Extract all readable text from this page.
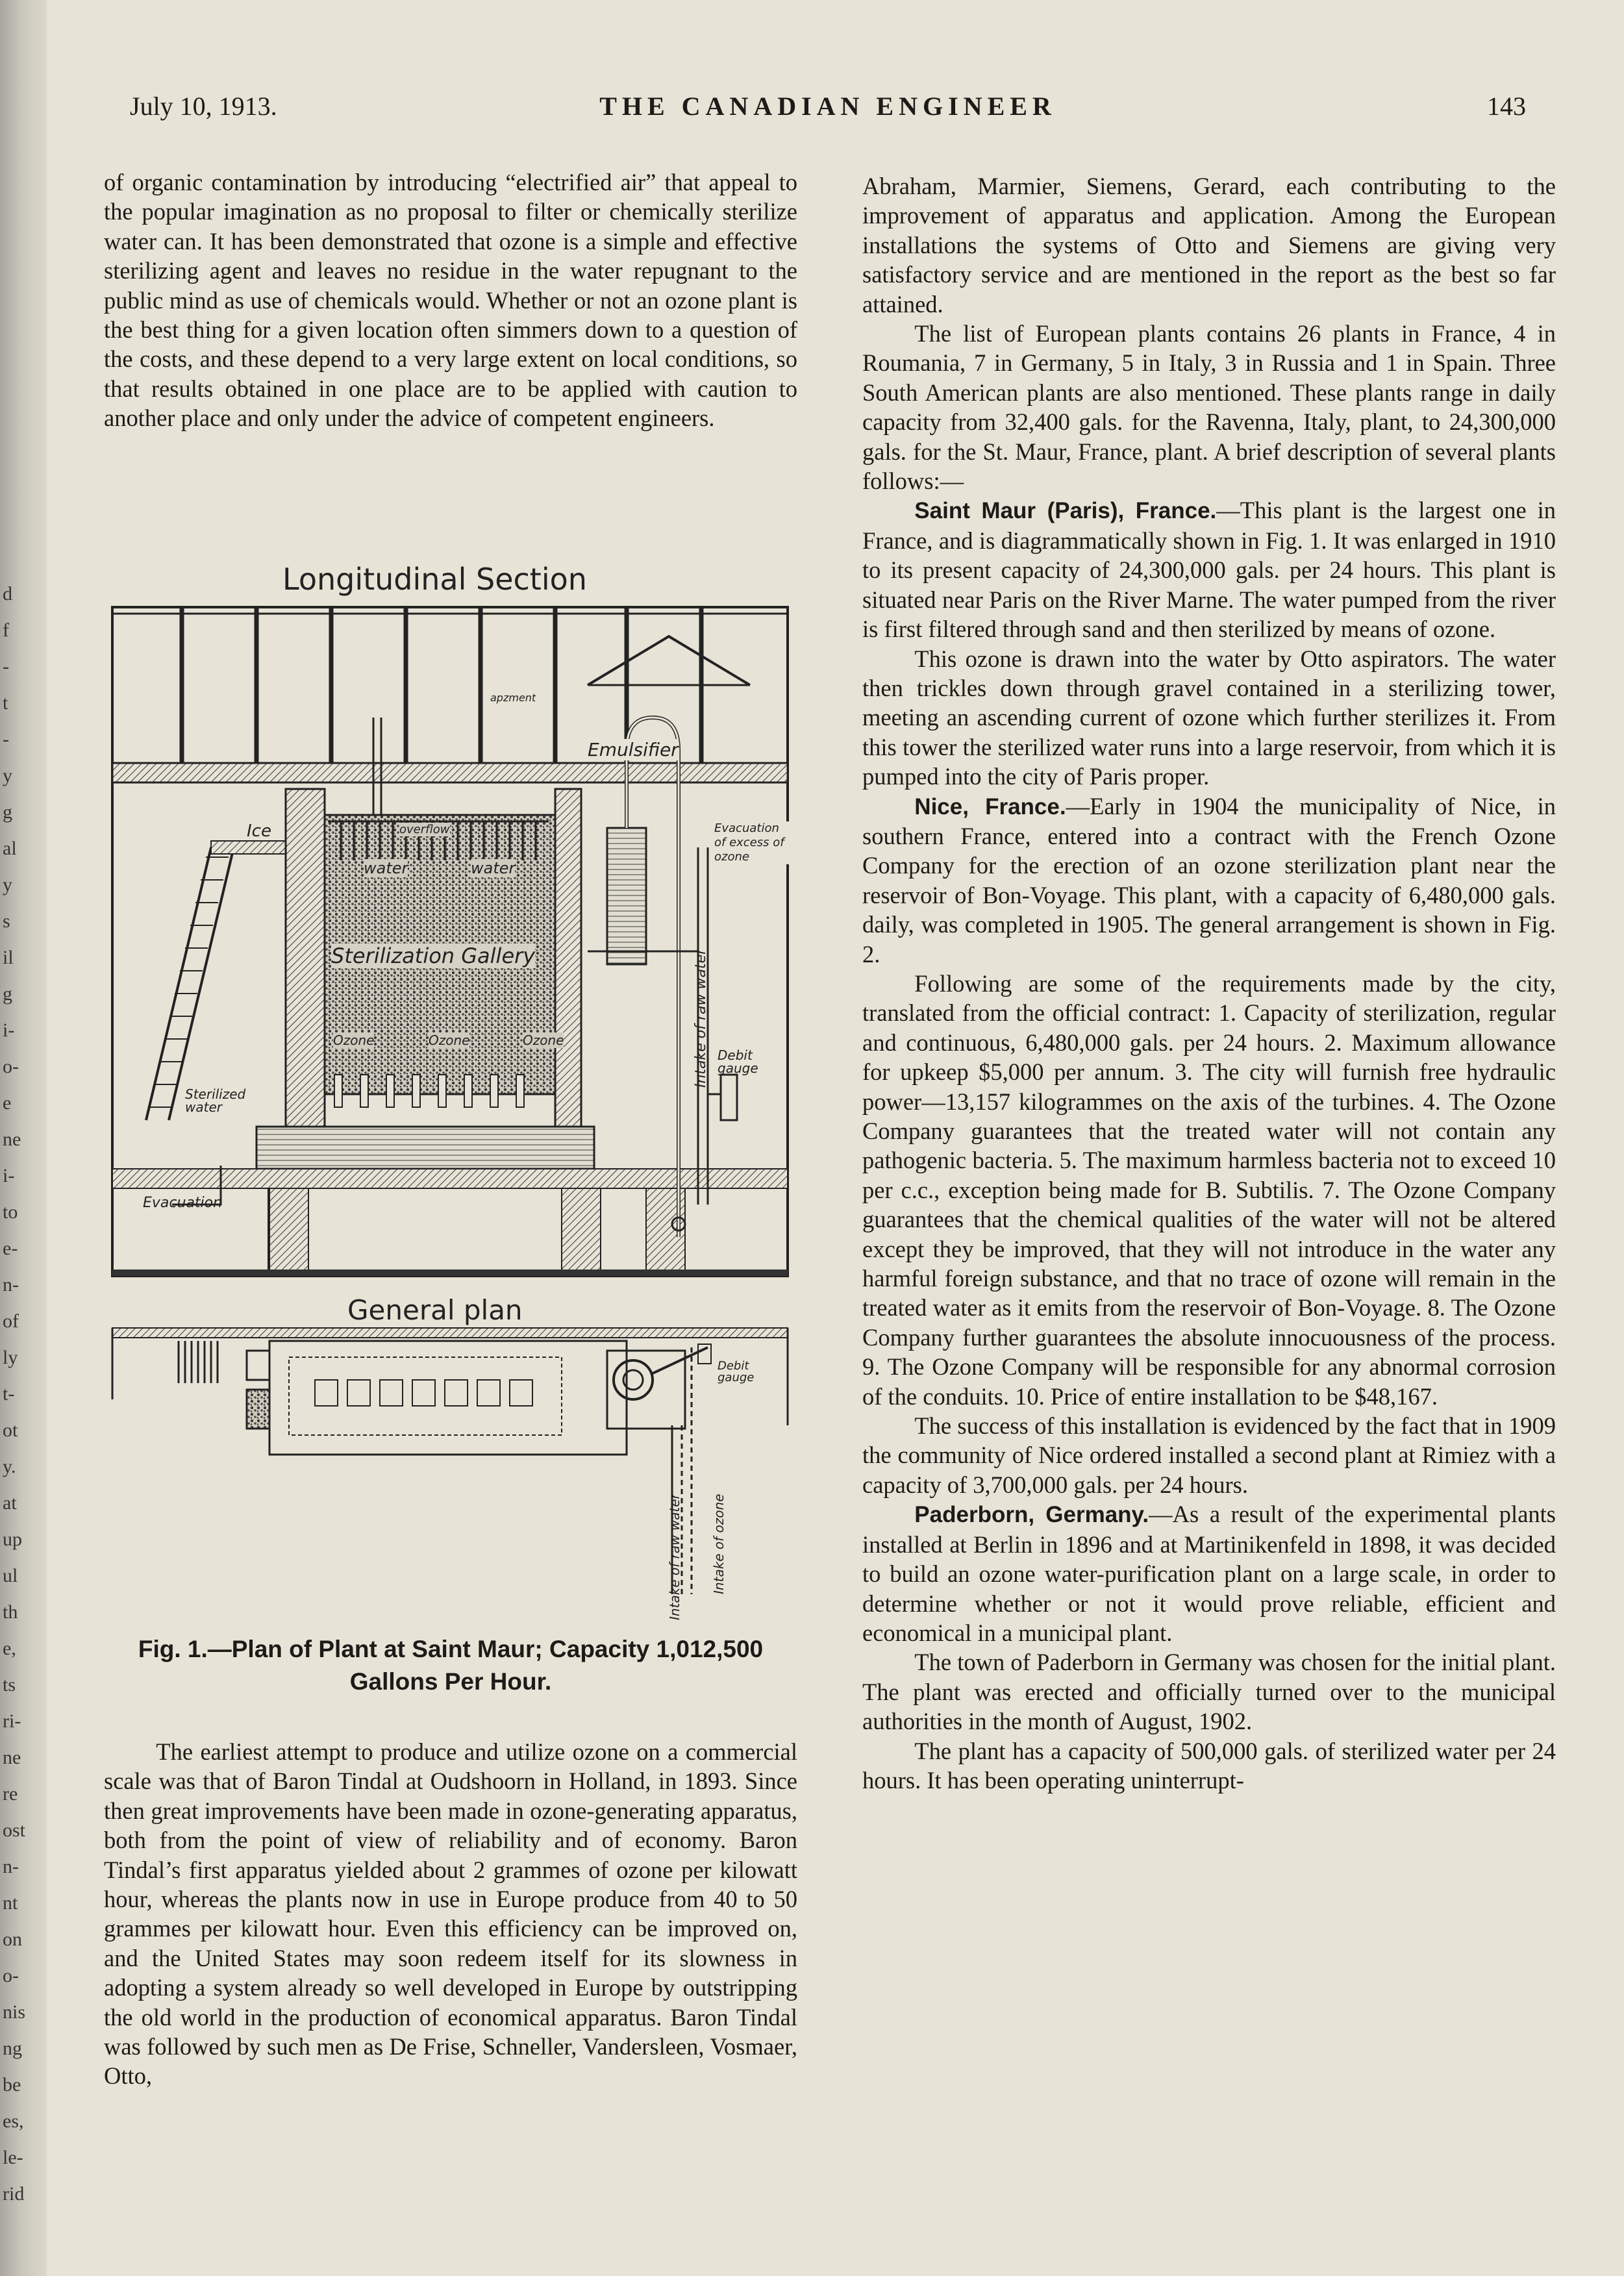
d
f
-
t
-
y
g
al
y
s
il
g
i-
o-
e
ne
i-
to
e-
n-
of
ly
t-
ot
y.
at
up
ul
th
e,
ts
ri-
ne
re
ost
n-
nt
on
o-
nis
ng
be
es,
le-
rid
July 10, 1913.	THE CANADIAN ENGINEER	143

of organic contamination by introducing “electrified air” that appeal to the popular imagination as no proposal to filter or chemically sterilize water can. It has been demonstrated that ozone is a simple and effective sterilizing agent and leaves no residue in the water repugnant to the public mind as use of chemicals would. Whether or not an ozone plant is the best thing for a given location often simmers down to a question of the costs, and these depend to a very large extent on local conditions, so that results obtained in one place are to be applied with caution to another place and only under the advice of competent engineers.

Longitudinal Section
General plan
Emulsifier
Ice
water	water
overflow
Sterilization Gallery
Ozone	Ozone	Ozone
Evacuation of excess of ozone
Intake of raw water Debit gauge
Sterilized water
Evacuation
Debit gauge
Intake of raw water Intake of ozone
apzment
Fig. 1.—Plan of Plant at Saint Maur; Capacity 1,012,500 Gallons Per Hour.

The earliest attempt to produce and utilize ozone on a commercial scale was that of Baron Tindal at Oudshoorn in Holland, in 1893. Since then great improvements have been made in ozone-generating apparatus, both from the point of view of reliability and of economy. Baron Tindal’s first apparatus yielded about 2 grammes of ozone per kilowatt hour, whereas the plants now in use in Europe produce from 40 to 50 grammes per kilowatt hour. Even this efficiency can be improved on, and the United States may soon redeem itself for its slowness in adopting a system already so well developed in Europe by outstripping the old world in the production of economical apparatus. Baron Tindal was followed by such men as De Frise, Schneller, Vandersleen, Vosmaer, Otto,

Abraham, Marmier, Siemens, Gerard, each contributing to the improvement of apparatus and application. Among the European installations the systems of Otto and Siemens are giving very satisfactory service and are mentioned in the report as the best so far attained.

The list of European plants contains 26 plants in France, 4 in Roumania, 7 in Germany, 5 in Italy, 3 in Russia and 1 in Spain. Three South American plants are also mentioned. These plants range in daily capacity from 32,400 gals. for the Ravenna, Italy, plant, to 24,300,000 gals. for the St. Maur, France, plant. A brief description of several plants follows:—

Saint Maur (Paris), France.—This plant is the largest one in France, and is diagrammatically shown in Fig. 1. It was enlarged in 1910 to its present capacity of 24,300,000 gals. per 24 hours. This plant is situated near Paris on the River Marne. The water pumped from the river is first filtered through sand and then sterilized by means of ozone.

This ozone is drawn into the water by Otto aspirators. The water then trickles down through gravel contained in a sterilizing tower, meeting an ascending current of ozone which further sterilizes it. From this tower the sterilized water runs into a large reservoir, from which it is pumped into the city of Paris proper.

Nice, France.—Early in 1904 the municipality of Nice, in southern France, entered into a contract with the French Ozone Company for the erection of an ozone sterilization plant near the reservoir of Bon-Voyage. This plant, with a capacity of 6,480,000 gals. daily, was completed in 1905. The general arrangement is shown in Fig. 2.

Following are some of the requirements made by the city, translated from the official contract: 1. Capacity of sterilization, regular and continuous, 6,480,000 gals. per 24 hours. 2. Maximum allowance for upkeep $5,000 per annum. 3. The city will furnish free hydraulic power—13,157 kilogrammes on the axis of the turbines. 4. The Ozone Company guarantees that the treated water will not contain any pathogenic bacteria. 5. The maximum harmless bacteria not to exceed 10 per c.c., exception being made for B. Subtilis. 7. The Ozone Company guarantees that the chemical qualities of the water will not be altered except they be improved, that they will not introduce in the water any harmful foreign substance, and that no trace of ozone will remain in the treated water as it emits from the reservoir of Bon-Voyage. 8. The Ozone Company further guarantees the absolute innocuousness of the process. 9. The Ozone Company will be responsible for any abnormal corrosion of the conduits. 10. Price of entire installation to be $48,167.

The success of this installation is evidenced by the fact that in 1909 the community of Nice ordered installed a second plant at Rimiez with a capacity of 3,700,000 gals. per 24 hours.

Paderborn, Germany.—As a result of the experimental plants installed at Berlin in 1896 and at Martinikenfeld in 1898, it was decided to build an ozone water-purification plant on a large scale, in order to determine whether or not it would prove reliable, efficient and economical in a municipal plant.

The town of Paderborn in Germany was chosen for the initial plant. The plant was erected and officially turned over to the municipal authorities in the month of August, 1902.

The plant has a capacity of 500,000 gals. of sterilized water per 24 hours. It has been operating uninterrupt-
